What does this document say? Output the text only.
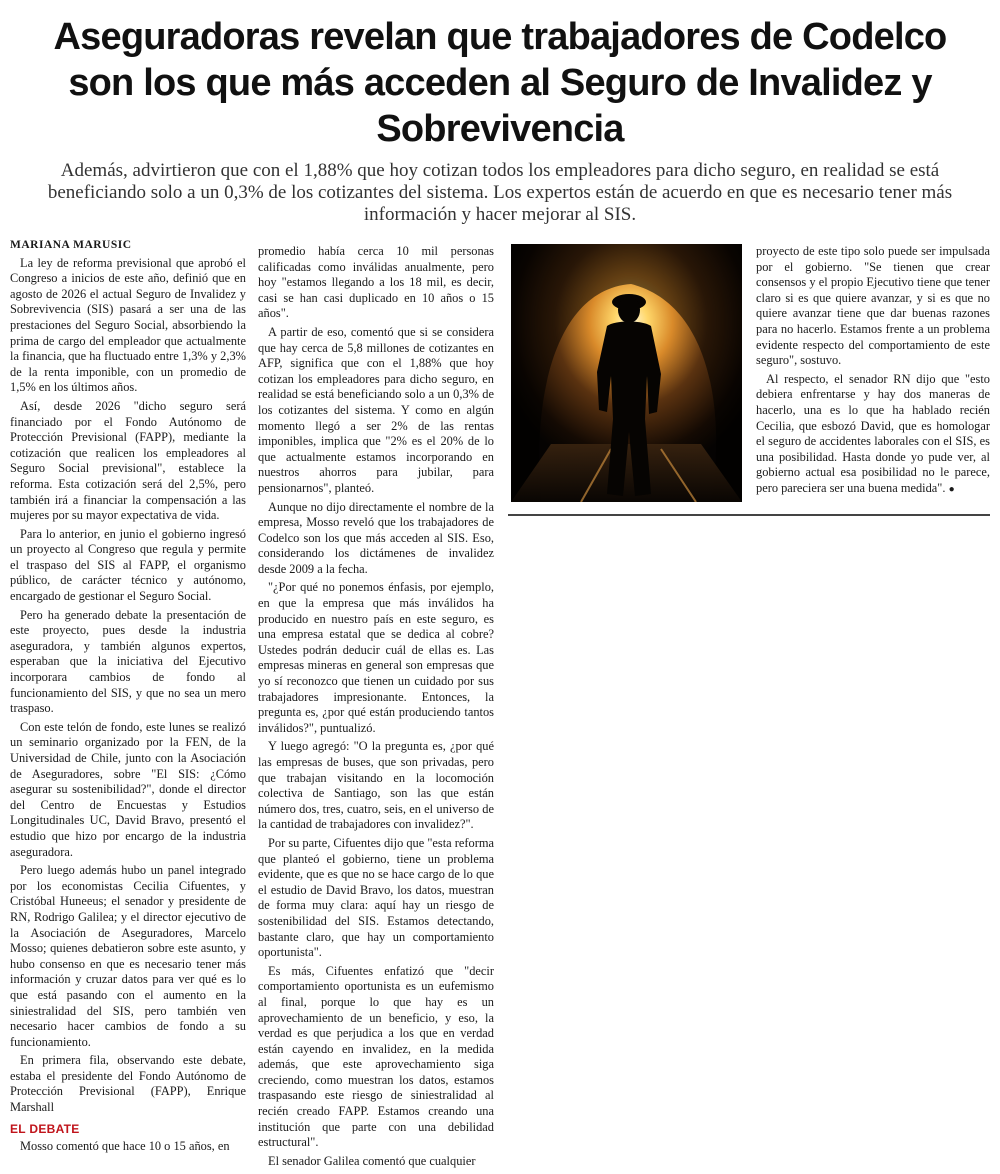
Aseguradoras revelan que trabajadores de Codelco son los que más acceden al Seguro de Invalidez y Sobrevivencia

Además, advirtieron que con el 1,88% que hoy cotizan todos los empleadores para dicho seguro, en realidad se está beneficiando solo a un 0,3% de los cotizantes del sistema. Los expertos están de acuerdo en que es necesario tener más información y hacer mejorar al SIS.

MARIANA MARUSIC

La ley de reforma previsional que aprobó el Congreso a inicios de este año, definió que en agosto de 2026 el actual Seguro de Invalidez y Sobrevivencia (SIS) pasará a ser una de las prestaciones del Seguro Social, absorbiendo la prima de cargo del empleador que actualmente la financia, que ha fluctuado entre 1,3% y 2,3% de la renta imponible, con un promedio de 1,5% en los últimos años.

Así, desde 2026 "dicho seguro será financiado por el Fondo Autónomo de Protección Previsional (FAPP), mediante la cotización que realicen los empleadores al Seguro Social previsional", establece la reforma. Esta cotización será del 2,5%, pero también irá a financiar la compensación a las mujeres por su mayor expectativa de vida.

Para lo anterior, en junio el gobierno ingresó un proyecto al Congreso que regula y permite el traspaso del SIS al FAPP, el organismo público, de carácter técnico y autónomo, encargado de gestionar el Seguro Social.

Pero ha generado debate la presentación de este proyecto, pues desde la industria aseguradora, y también algunos expertos, esperaban que la iniciativa del Ejecutivo incorporara cambios de fondo al funcionamiento del SIS, y que no sea un mero traspaso.

Con este telón de fondo, este lunes se realizó un seminario organizado por la FEN, de la Universidad de Chile, junto con la Asociación de Aseguradores, sobre "El SIS: ¿Cómo asegurar su sostenibilidad?", donde el director del Centro de Encuestas y Estudios Longitudinales UC, David Bravo, presentó el estudio que hizo por encargo de la industria aseguradora.

Pero luego además hubo un panel integrado por los economistas Cecilia Cifuentes, y Cristóbal Huneeus; el senador y presidente de RN, Rodrigo Galilea; y el director ejecutivo de la Asociación de Aseguradores, Marcelo Mosso; quienes debatieron sobre este asunto, y hubo consenso en que es necesario tener más información y cruzar datos para ver qué es lo que está pasando con el aumento en la siniestralidad del SIS, pero también ven necesario hacer cambios de fondo a su funcionamiento.

En primera fila, observando este debate, estaba el presidente del Fondo Autónomo de Protección Previsional (FAPP), Enrique Marshall

EL DEBATE

Mosso comentó que hace 10 o 15 años, en

promedio había cerca 10 mil personas calificadas como inválidas anualmente, pero hoy "estamos llegando a los 18 mil, es decir, casi se han casi duplicado en 10 años o 15 años".

A partir de eso, comentó que si se considera que hay cerca de 5,8 millones de cotizantes en AFP, significa que con el 1,88% que hoy cotizan los empleadores para dicho seguro, en realidad se está beneficiando solo a un 0,3% de los cotizantes del sistema. Y como en algún momento llegó a ser 2% de las rentas imponibles, implica que "2% es el 20% de lo que actualmente estamos incorporando en nuestros ahorros para jubilar, para pensionarnos", planteó.

Aunque no dijo directamente el nombre de la empresa, Mosso reveló que los trabajadores de Codelco son los que más acceden al SIS. Eso, considerando los dictámenes de invalidez desde 2009 a la fecha.

"¿Por qué no ponemos énfasis, por ejemplo, en que la empresa que más inválidos ha producido en nuestro país en este seguro, es una empresa estatal que se dedica al cobre? Ustedes podrán deducir cuál de ellas es. Las empresas mineras en general son empresas que yo sí reconozco que tienen un cuidado por sus trabajadores impresionante. Entonces, la pregunta es, ¿por qué están produciendo tantos inválidos?", puntualizó.

Y luego agregó: "O la pregunta es, ¿por qué las empresas de buses, que son privadas, pero que trabajan visitando en la locomoción colectiva de Santiago, son las que están número dos, tres, cuatro, seis, en el universo de la cantidad de trabajadores con invalidez?".

Por su parte, Cifuentes dijo que "esta reforma que planteó el gobierno, tiene un problema evidente, que es que no se hace cargo de lo que el estudio de David Bravo, los datos, muestran de forma muy clara: aquí hay un riesgo de sostenibilidad del SIS. Estamos detectando, bastante claro, que hay un comportamiento oportunista".

Es más, Cifuentes enfatizó que "decir comportamiento oportunista es un eufemismo al final, porque lo que hay es un aprovechamiento de un beneficio, y eso, la verdad es que perjudica a los que en verdad están cayendo en invalidez, en la medida además, que este aprovechamiento siga creciendo, como muestran los datos, estamos traspasando este riesgo de siniestralidad al recién creado FAPP. Estamos creando una institución que parte con una debilidad estructural".

El senador Galilea comentó que cualquier

proyecto de este tipo solo puede ser impulsada por el gobierno. "Se tienen que crear consensos y el propio Ejecutivo tiene que tener claro si es que quiere avanzar, y si es que no quiere avanzar tiene que dar buenas razones para no hacerlo. Estamos frente a un problema evidente respecto del comportamiento de este seguro", sostuvo.

Al respecto, el senador RN dijo que "esto debiera enfrentarse y hay dos maneras de hacerlo, una es lo que ha hablado recién Cecilia, que esbozó David, que es homologar el seguro de accidentes laborales con el SIS, es una posibilidad. Hasta donde yo pude ver, al gobierno actual esa posibilidad no le parece, pero pareciera ser una buena medida". ●
